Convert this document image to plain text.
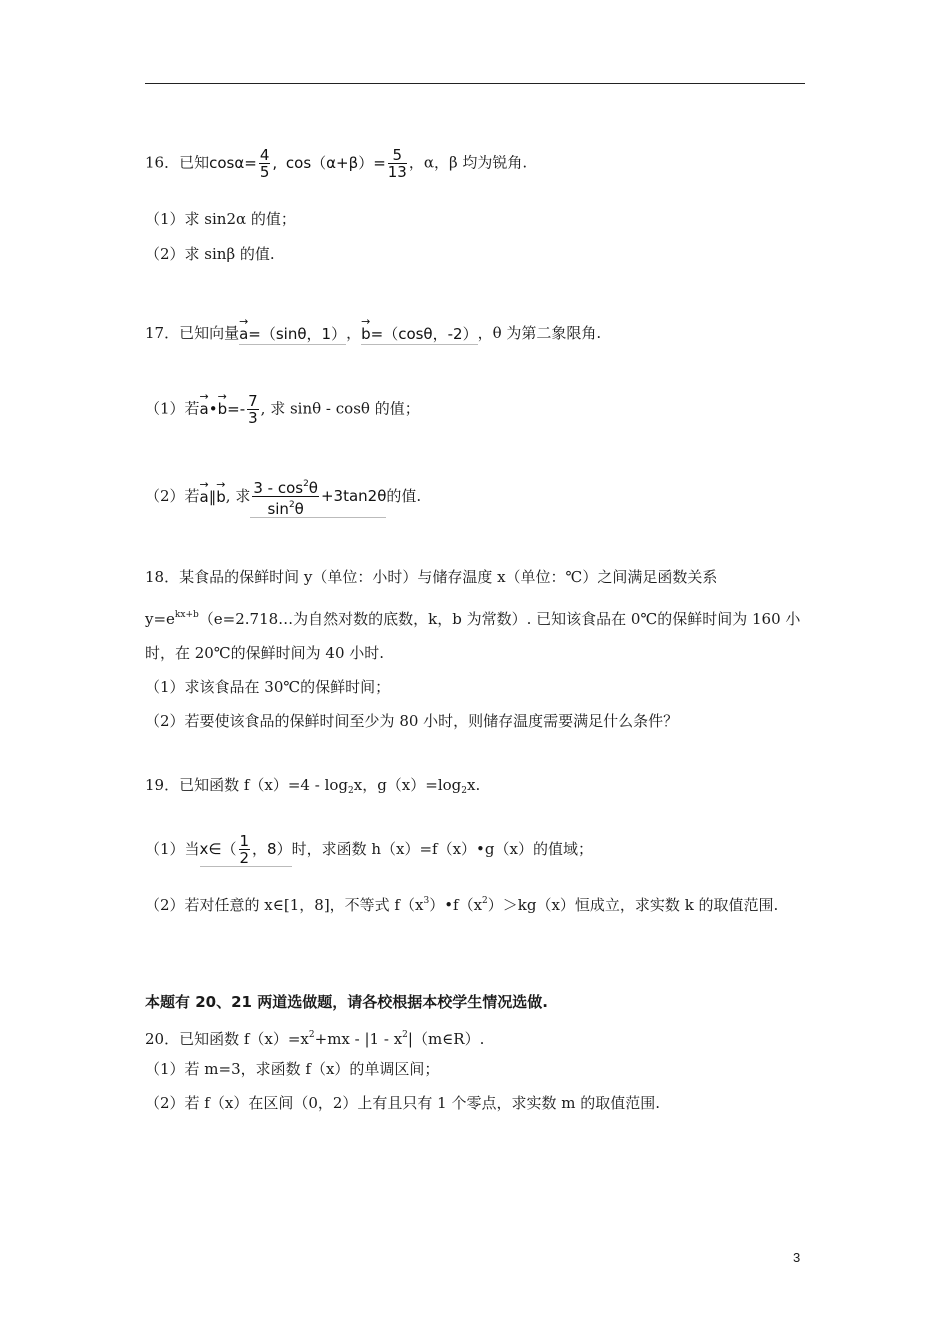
16．已知$\cos\alpha= \frac{4}{5}$ , $\cos(\alpha+\beta)= \frac{5}{13}$ ，α，β 均为锐角.
（1）求 sin2α 的值；
（2）求 sinβ 的值.
17．已知向量→ a=（sinθ，1），→ b=（cosθ，-2），θ 为第二象限角.
（1）若→ a•→ $b=- \frac{7}{3}$ , 求 sinθ - cosθ 的值；
（2）若→ a∥→ b, 求 $\frac{3 - \cos^2\theta}{\sin^2\theta} +3\tan 2\theta$的值.
18．某食品的保鲜时间 y（单位：小时）与储存温度 x（单位：℃）之间满足函数关系
$y=e^{kx+b}(e=2.718\dots$为自然对数的底数，k，b 为常数）. 已知该食品在 0℃的保鲜时间为 160 小
时，在 20℃的保鲜时间为 40 小时.
（1）求该食品在 30℃的保鲜时间；
（2）若要使该食品的保鲜时间至少为 80 小时，则储存温度需要满足什么条件？
19．已知函数 $f(x)=4 - \log_2x$，$g(x)=\log_2x$.
（1）当x∈（ $\frac{1}{2}$ ，8）时，求函数 h（x）=f（x）•g（x）的值域；
（2）若对任意的 x∈[1，8]，不等式 $f(x^3)•f(x^2)>kg(x)$恒成立，求实数 k 的取值范围.
本题有 20、21 两道选做题，请各校根据本校学生情况选做.
20．已知函数 $f(x)=x^2+mx - |1$ - $x^2|(m\in R)$.
（1）若 m=3，求函数 f（x）的单调区间；
（2）若 f（x）在区间（0，2）上有且只有 1 个零点，求实数 m 的取值范围.
3
